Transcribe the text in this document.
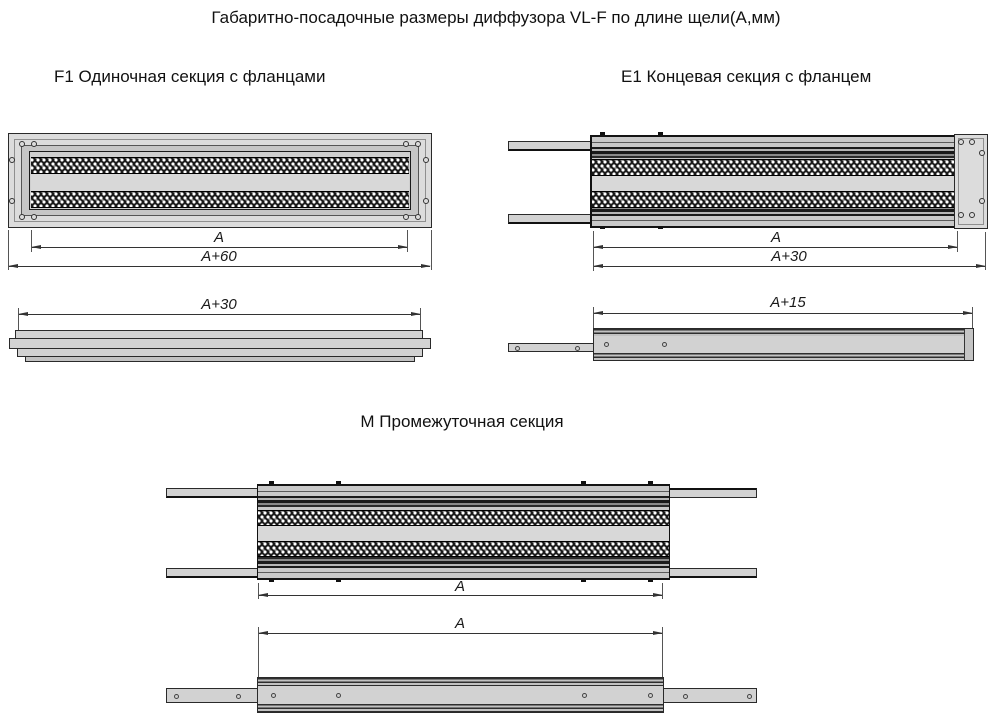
Габаритно-посадочные размеры диффузора VL-F по длине щели(А,мм)
F1 Одиночная секция с фланцами	E1 Концевая секция с фланцем
A
A+60
A+30
A
A+30
A+15
М Промежуточная секция
A
A
